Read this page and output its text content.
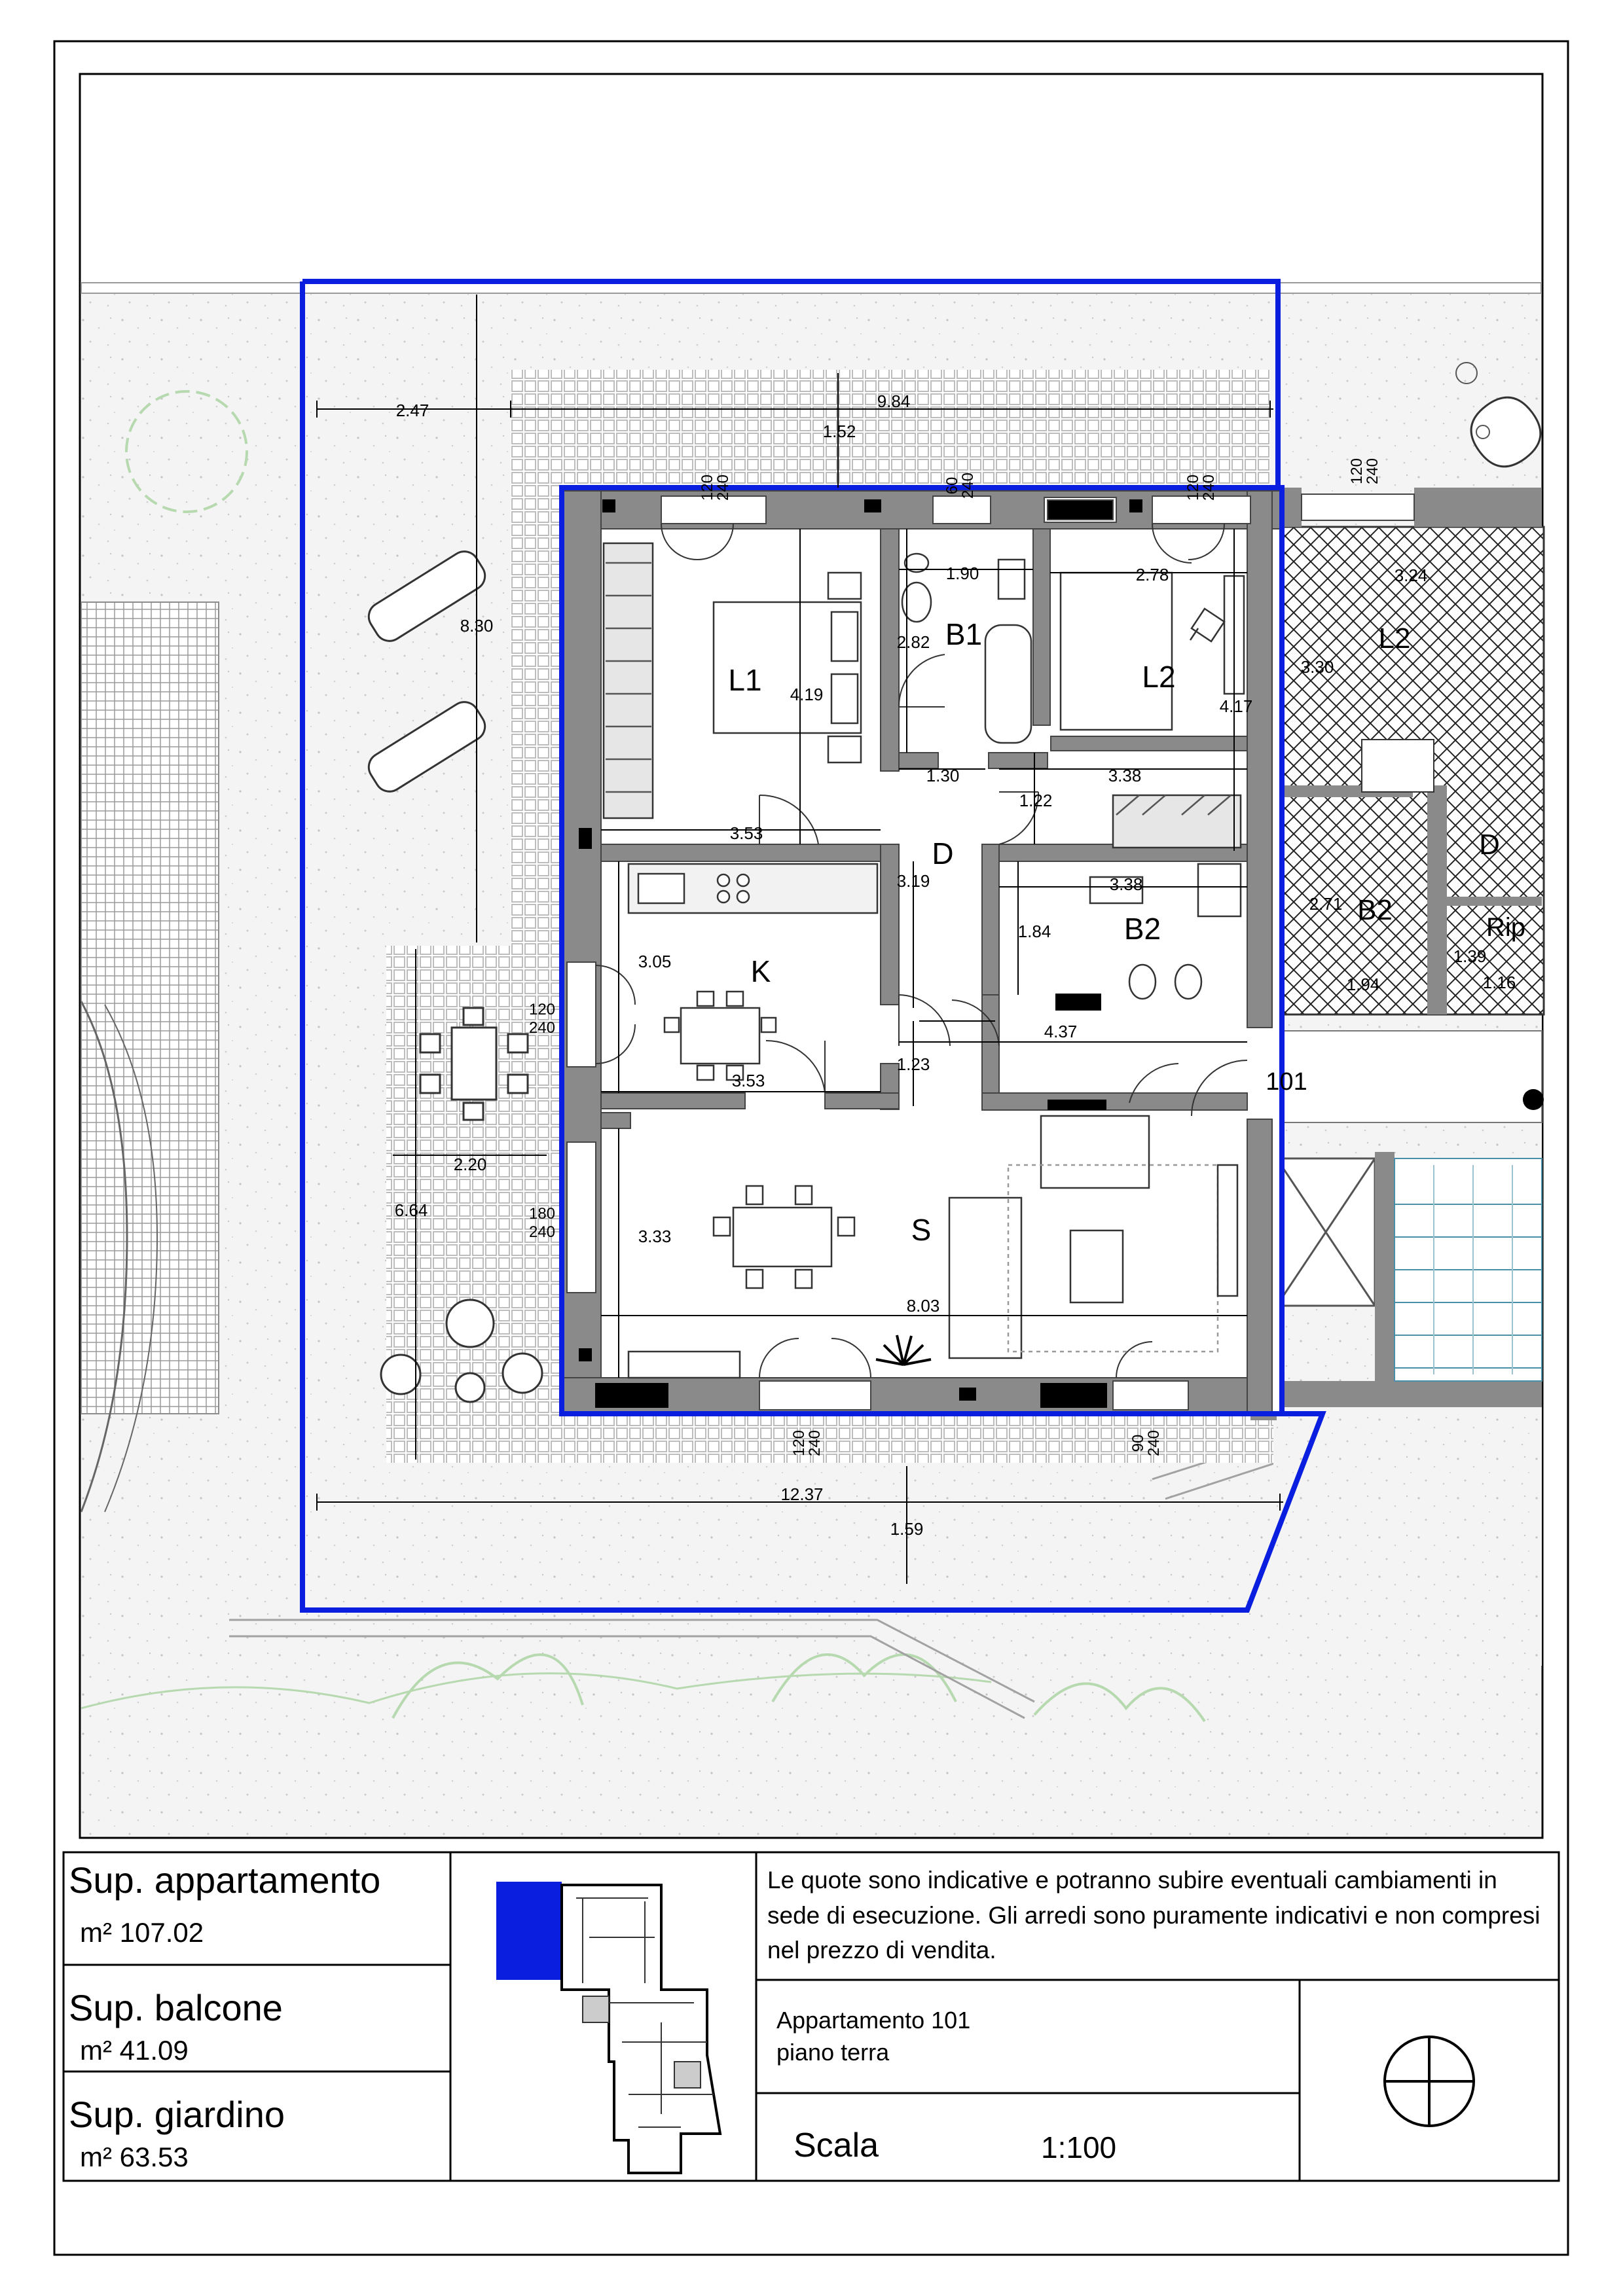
2.47	9.84
1.52
8.30
12.37
1.59
2.20
6.64
4.19
3.53
1.90
2.82
2.78
4.17
1.30
1.22
3.38
3.19	3.38
1.84
3.05
3.53
4.37
1.23
3.33
8.03
120
240	60
240	120
240
120
240
120
240
180
240
120
240	90
240
L1
B1
L2
D
K
B2
S
101
L2
D
B2
Rip
3.24
3.30
2.71
1.94
1.39
1.16
Sup. appartamento
m² 107.02
Sup. balcone
m² 41.09
Sup. giardino
m² 63.53
Le quote sono indicative e potranno subire eventuali cambiamenti in sede di esecuzione. Gli arredi sono puramente indicativi e non compresi nel prezzo di vendita.
Appartamento 101
piano terra
Scala	1:100
